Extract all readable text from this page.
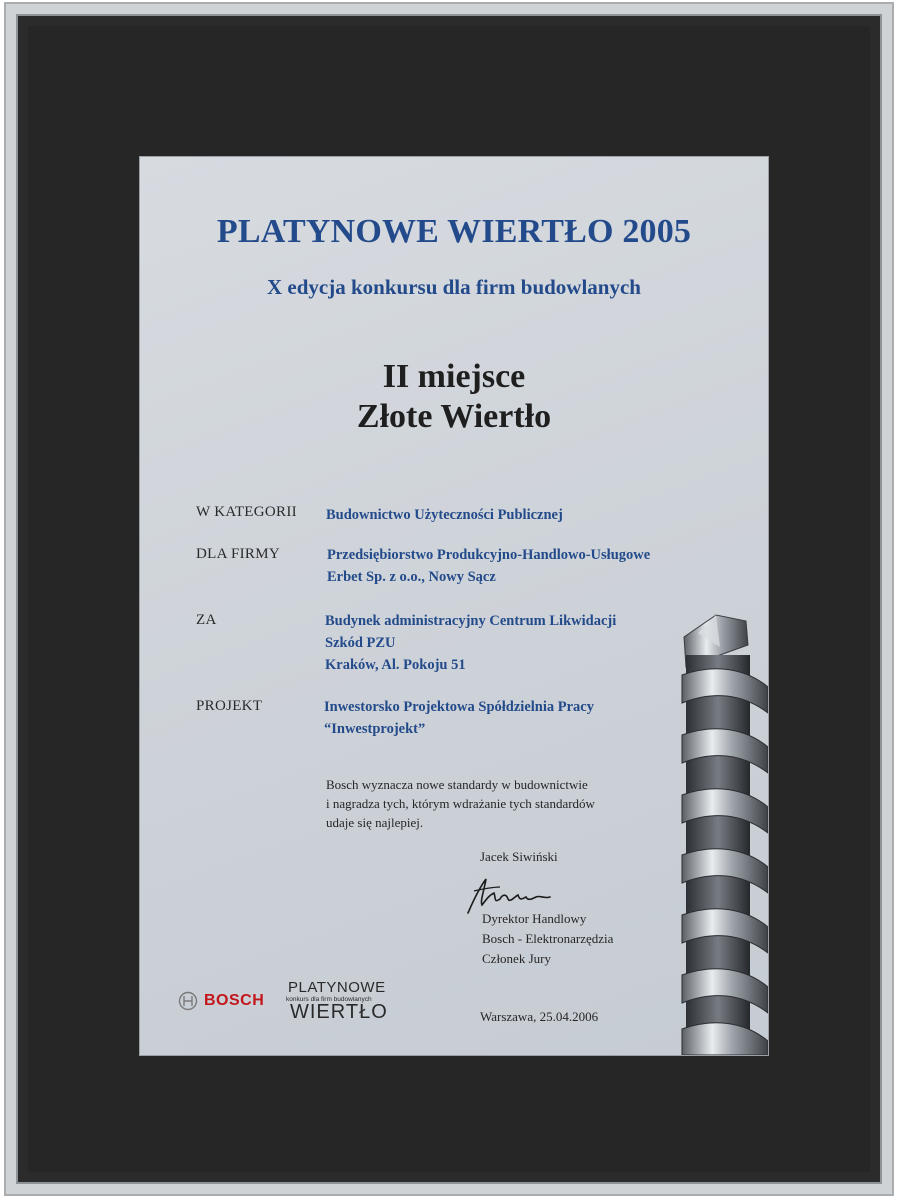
PLATYNOWE WIERTŁO 2005
X edycja konkursu dla firm budowlanych
II miejsce
Złote Wiertło
W KATEGORII Budownictwo Użyteczności Publicznej
DLA FIRMY	Przedsiębiorstwo Produkcyjno-Handlowo-Usługowe
Erbet Sp. z o.o., Nowy Sącz
ZA	Budynek administracyjny Centrum Likwidacji
Szkód PZU
Kraków, Al. Pokoju 51
PROJEKT	Inwestorsko Projektowa Spółdzielnia Pracy
“Inwestprojekt”
Bosch wyznacza nowe standardy w budownictwie
i nagradza tych, którym wdrażanie tych standardów
udaje się najlepiej.
Jacek Siwiński
Dyrektor Handlowy
Bosch - Elektronarzędzia
Członek Jury
Warszawa, 25.04.2006
BOSCH
PLATYNOWE
konkurs dla firm budowlanych
WIERTŁO
